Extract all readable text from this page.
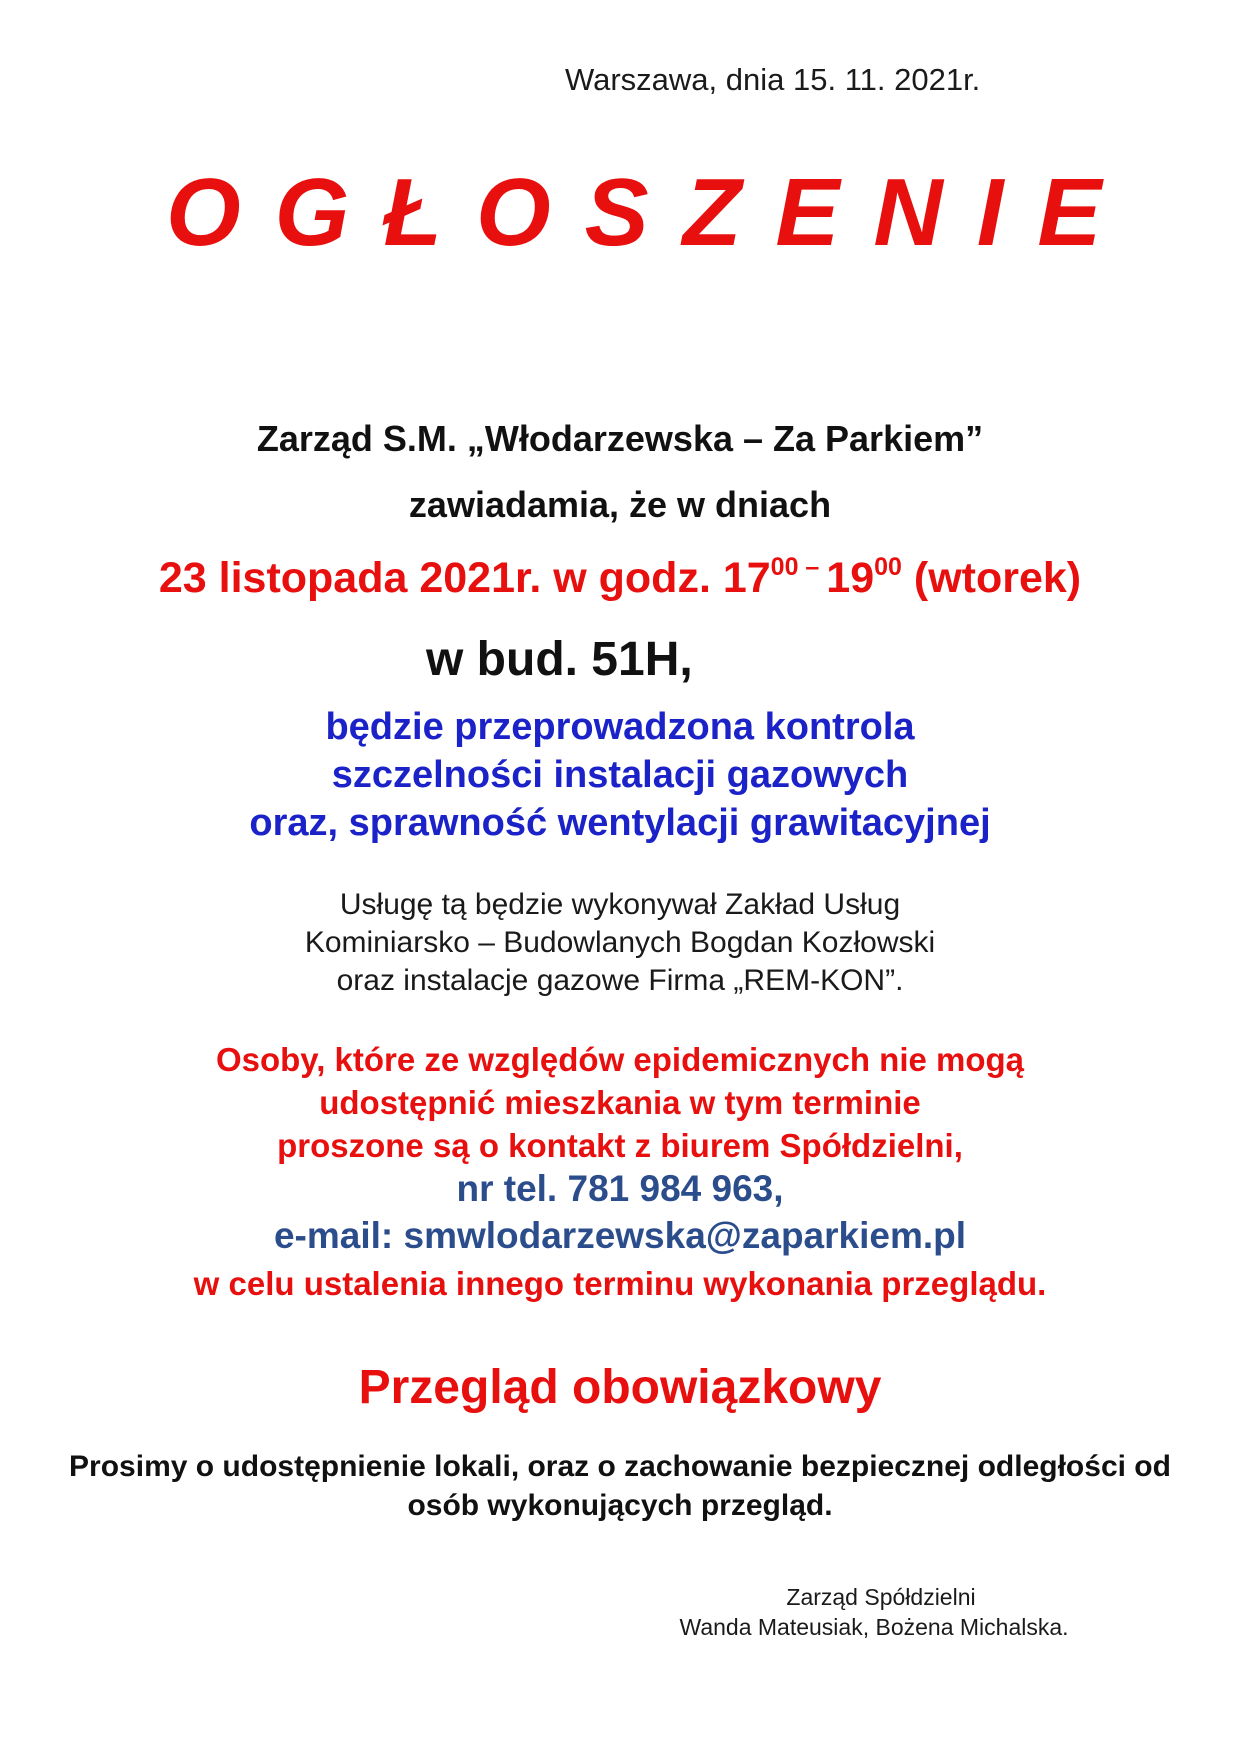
Warszawa, dnia 15. 11. 2021r.
OGŁOSZENIE
Zarząd S.M. „Włodarzewska – Za Parkiem”
zawiadamia, że w dniach
23 listopada 2021r. w godz. $17^{00}$ – $19^{00}$ (wtorek)
w bud. 51H,
będzie przeprowadzona kontrola
szczelności instalacji gazowych
oraz, sprawność wentylacji grawitacyjnej
Usługę tą będzie wykonywał Zakład Usług
Kominiarsko – Budowlanych Bogdan Kozłowski
oraz instalacje gazowe Firma „REM-KON”.
Osoby, które ze względów epidemicznych nie mogą
udostępnić mieszkania w tym terminie
proszone są o kontakt z biurem Spółdzielni,
nr tel. 781 984 963,
e-mail: smwlodarzewska@zaparkiem.pl
w celu ustalenia innego terminu wykonania przeglądu.
Przegląd obowiązkowy
Prosimy o udostępnienie lokali, oraz o zachowanie bezpiecznej odległości od
osób wykonujących przegląd.
Zarząd Spółdzielni
Wanda Mateusiak, Bożena Michalska.
